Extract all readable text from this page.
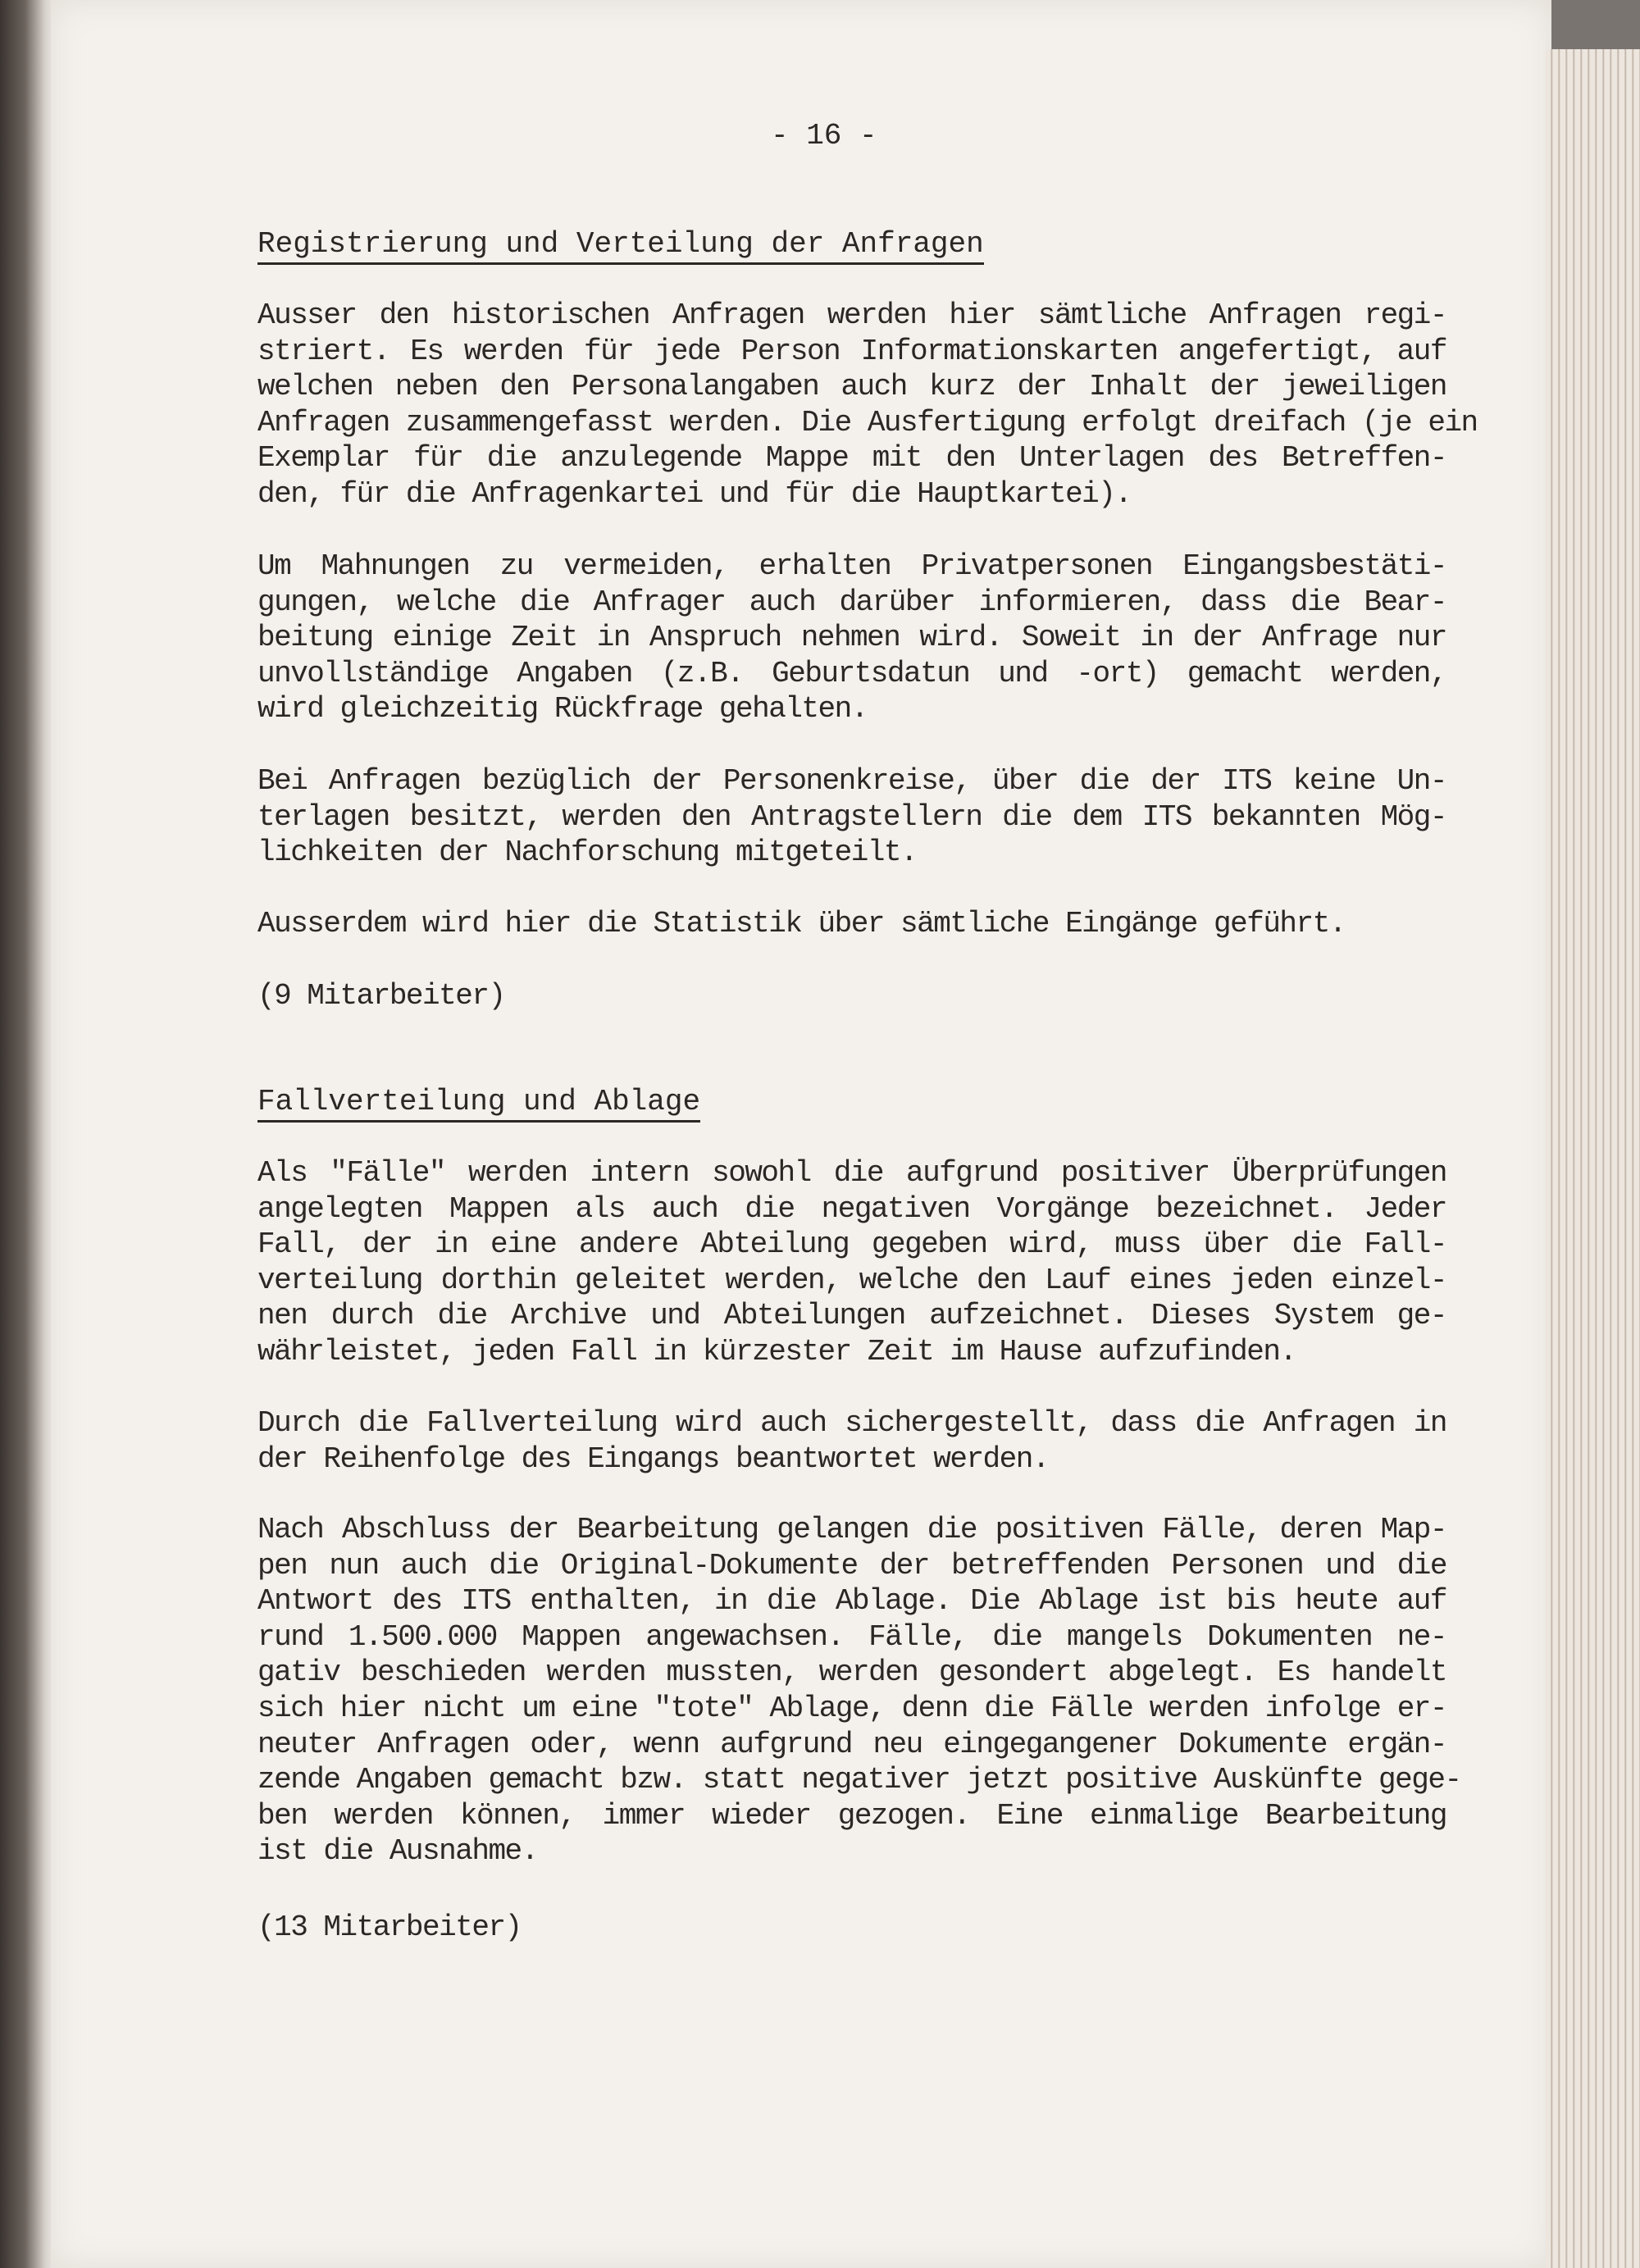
- 16 -
Registrierung und Verteilung der Anfragen
Ausser den historischen Anfragen werden hier sämtliche Anfragen regi-
striert. Es werden für jede Person Informationskarten angefertigt, auf
welchen neben den Personalangaben auch kurz der Inhalt der jeweiligen
Anfragen zusammengefasst werden. Die Ausfertigung erfolgt dreifach (je ein
Exemplar für die anzulegende Mappe mit den Unterlagen des Betreffen-
den, für die Anfragenkartei und für die Hauptkartei).
Um Mahnungen zu vermeiden, erhalten Privatpersonen Eingangsbestäti-
gungen, welche die Anfrager auch darüber informieren, dass die Bear-
beitung einige Zeit in Anspruch nehmen wird. Soweit in der Anfrage nur
unvollständige Angaben (z.B. Geburtsdatun und -ort) gemacht werden,
wird gleichzeitig Rückfrage gehalten.
Bei Anfragen bezüglich der Personenkreise, über die der ITS keine Un-
terlagen besitzt, werden den Antragstellern die dem ITS bekannten Mög-
lichkeiten der Nachforschung mitgeteilt.
Ausserdem wird hier die Statistik über sämtliche Eingänge geführt.
(9 Mitarbeiter)
Fallverteilung und Ablage
Als "Fälle" werden intern sowohl die aufgrund positiver Überprüfungen
angelegten Mappen als auch die negativen Vorgänge bezeichnet. Jeder
Fall, der in eine andere Abteilung gegeben wird, muss über die Fall-
verteilung dorthin geleitet werden, welche den Lauf eines jeden einzel-
nen durch die Archive und Abteilungen aufzeichnet. Dieses System ge-
währleistet, jeden Fall in kürzester Zeit im Hause aufzufinden.
Durch die Fallverteilung wird auch sichergestellt, dass die Anfragen in
der Reihenfolge des Eingangs beantwortet werden.
Nach Abschluss der Bearbeitung gelangen die positiven Fälle, deren Map-
pen nun auch die Original-Dokumente der betreffenden Personen und die
Antwort des ITS enthalten, in die Ablage. Die Ablage ist bis heute auf
rund 1.500.000 Mappen angewachsen. Fälle, die mangels Dokumenten ne-
gativ beschieden werden mussten, werden gesondert abgelegt. Es handelt
sich hier nicht um eine "tote" Ablage, denn die Fälle werden infolge er-
neuter Anfragen oder, wenn aufgrund neu eingegangener Dokumente ergän-
zende Angaben gemacht bzw. statt negativer jetzt positive Auskünfte gege-
ben werden können, immer wieder gezogen. Eine einmalige Bearbeitung
ist die Ausnahme.
(13 Mitarbeiter)
